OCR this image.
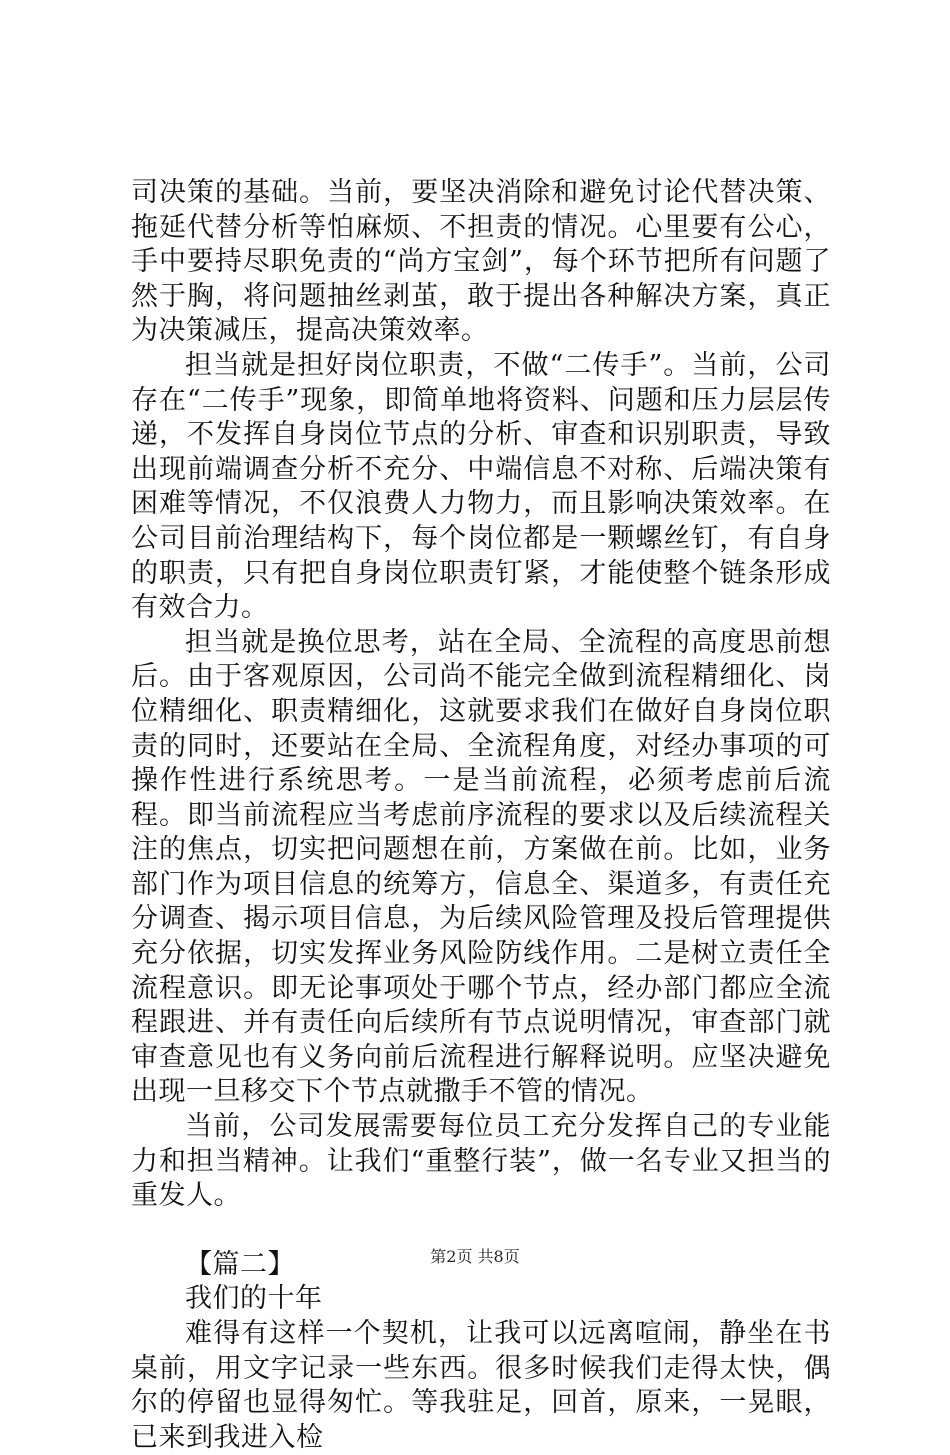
司决策的基础。当前，要坚决消除和避免讨论代替决策、拖延代替分析等怕麻烦、不担责的情况。心里要有公心，手中要持尽职免责的“尚方宝剑”，每个环节把所有问题了然于胸，将问题抽丝剥茧，敢于提出各种解决方案，真正为决策减压，提高决策效率。

担当就是担好岗位职责，不做“二传手”。当前，公司存在“二传手”现象，即简单地将资料、问题和压力层层传递，不发挥自身岗位节点的分析、审查和识别职责，导致出现前端调查分析不充分、中端信息不对称、后端决策有困难等情况，不仅浪费人力物力，而且影响决策效率。在公司目前治理结构下，每个岗位都是一颗螺丝钉，有自身的职责，只有把自身岗位职责钉紧，才能使整个链条形成有效合力。

担当就是换位思考，站在全局、全流程的高度思前想后。由于客观原因，公司尚不能完全做到流程精细化、岗位精细化、职责精细化，这就要求我们在做好自身岗位职责的同时，还要站在全局、全流程角度，对经办事项的可操作性进行系统思考。一是当前流程，必须考虑前后流程。即当前流程应当考虑前序流程的要求以及后续流程关注的焦点，切实把问题想在前，方案做在前。比如，业务部门作为项目信息的统筹方，信息全、渠道多，有责任充分调查、揭示项目信息，为后续风险管理及投后管理提供充分依据，切实发挥业务风险防线作用。二是树立责任全流程意识。即无论事项处于哪个节点，经办部门都应全流程跟进、并有责任向后续所有节点说明情况，审查部门就审查意见也有义务向前后流程进行解释说明。应坚决避免出现一旦移交下个节点就撒手不管的情况。

当前，公司发展需要每位员工充分发挥自己的专业能力和担当精神。让我们“重整行装”，做一名专业又担当的重发人。

【篇二】

我们的十年

难得有这样一个契机，让我可以远离喧闹，静坐在书桌前，用文字记录一些东西。很多时候我们走得太快，偶尔的停留也显得匆忙。等我驻足，回首，原来，一晃眼，已来到我进入检

第2页 共8页
